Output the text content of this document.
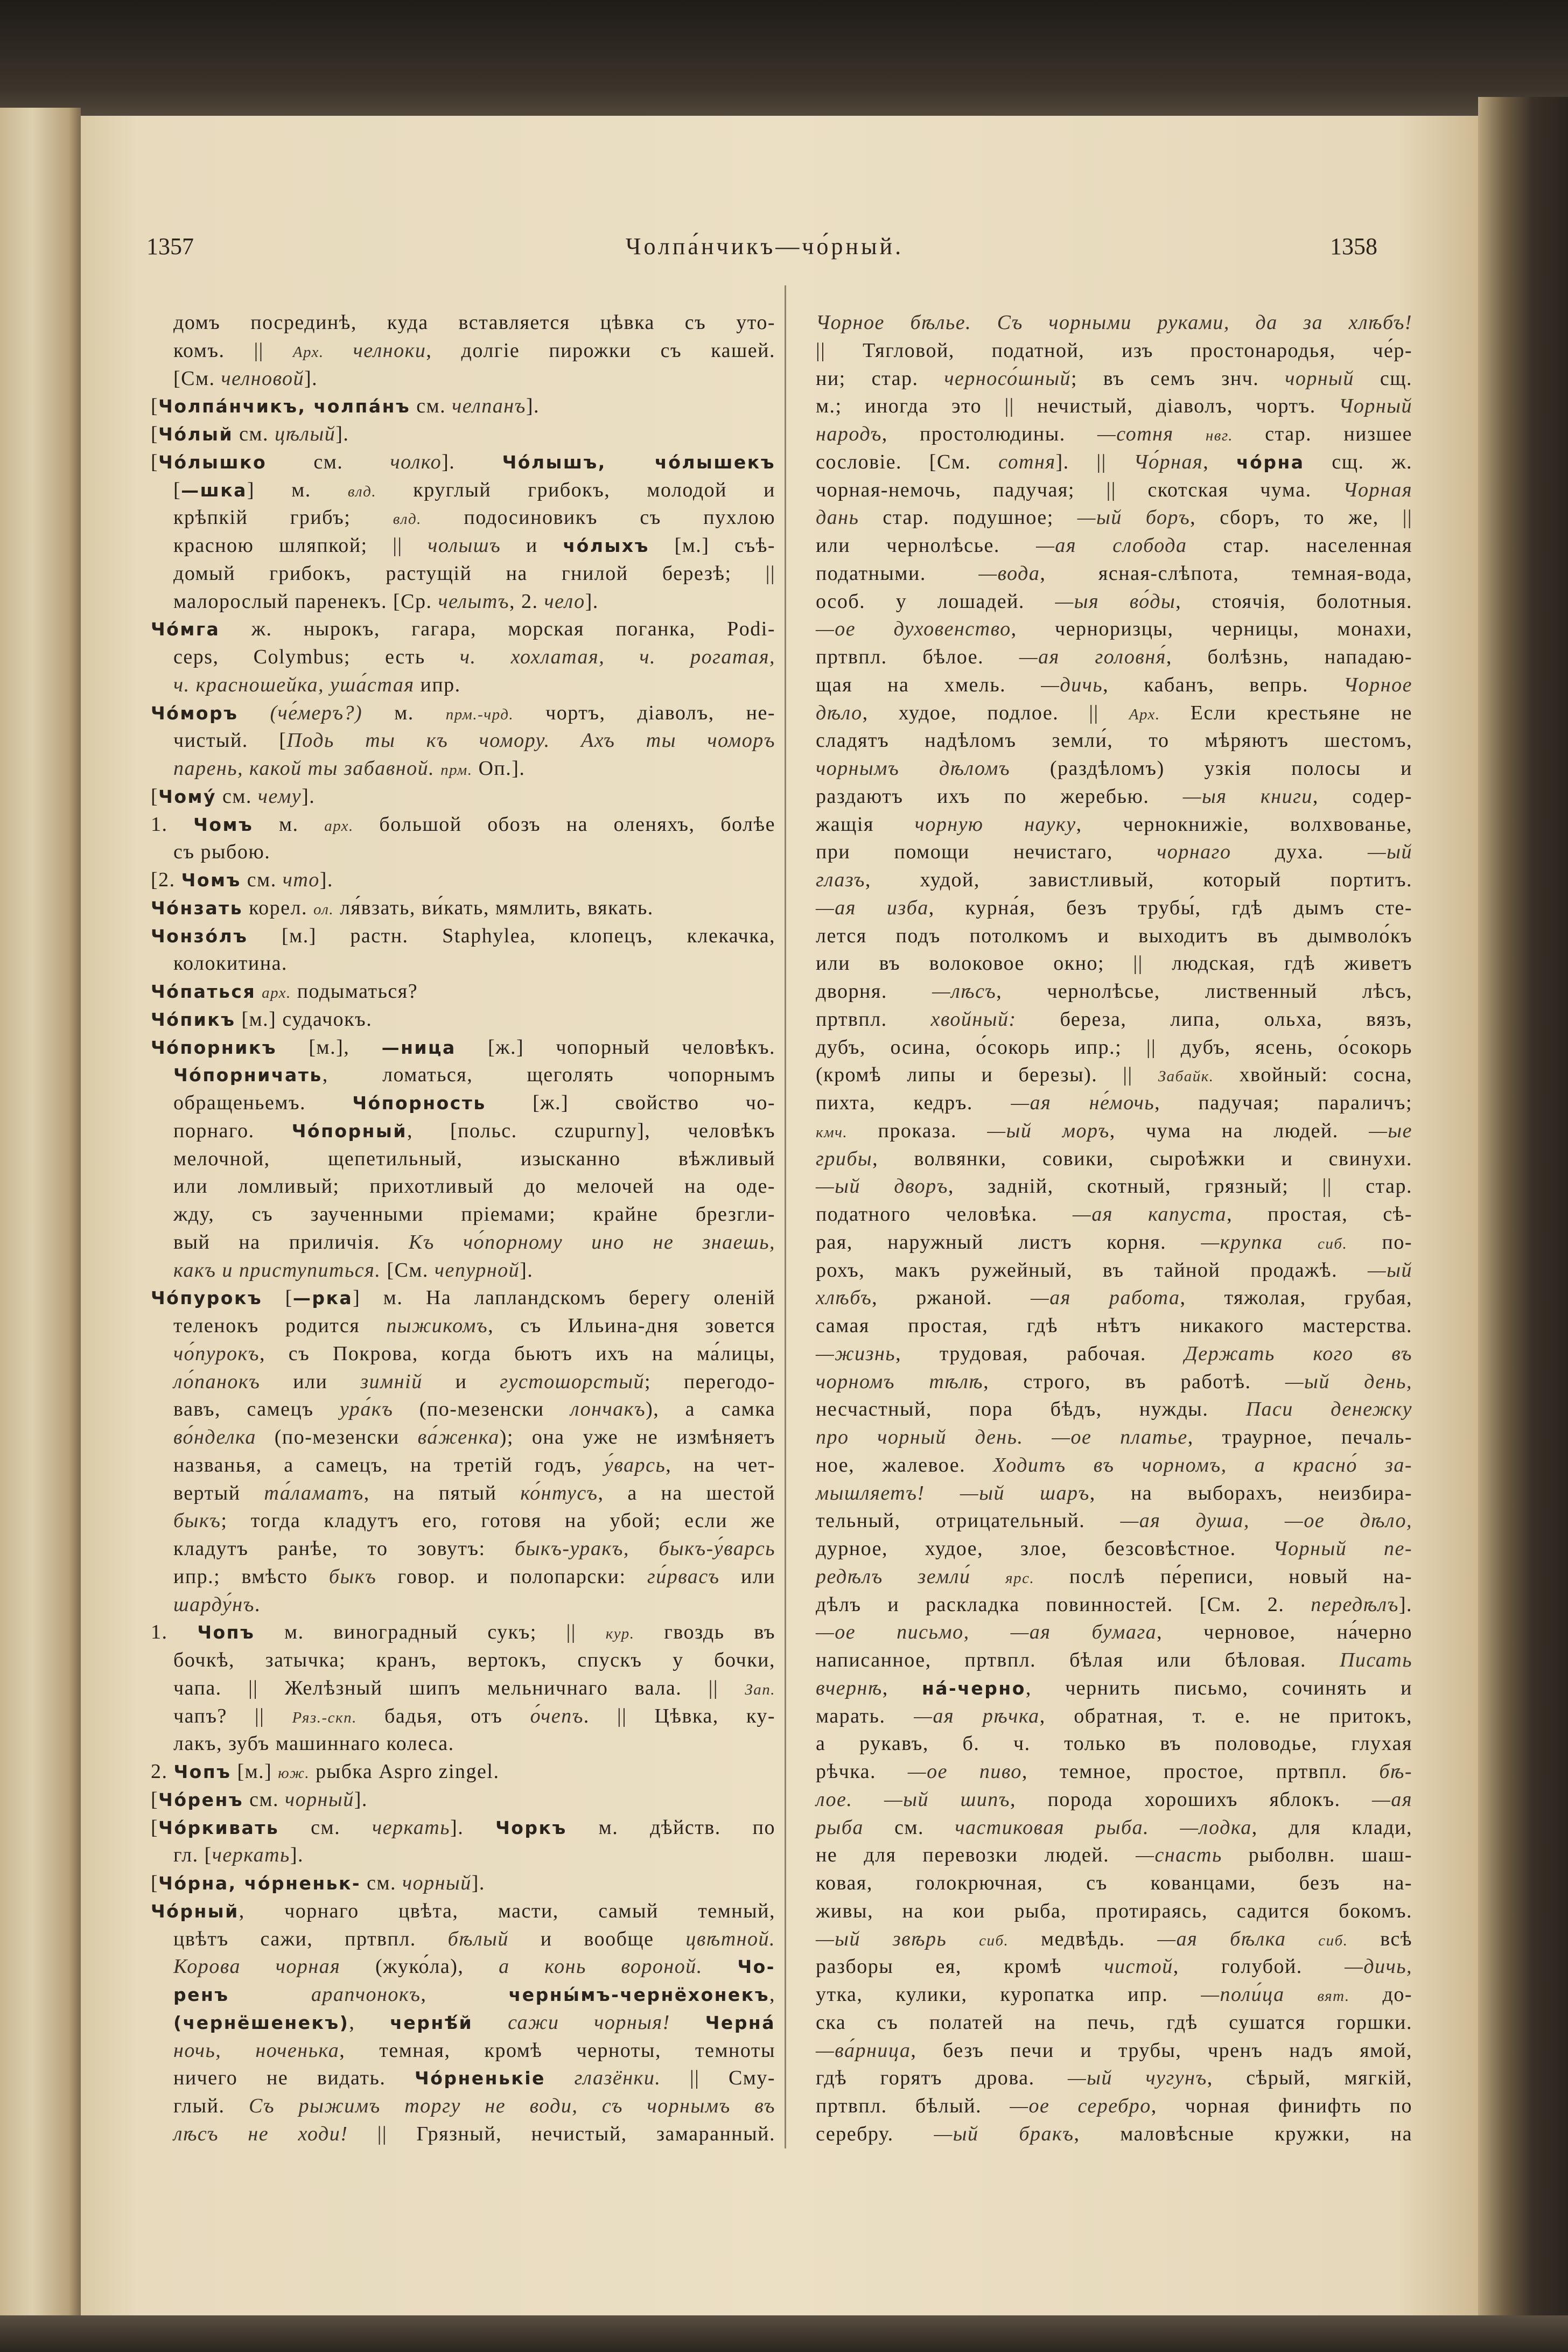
1357	Чолпа́нчикъ—чо́рный.	1358
домъ посрединѣ, куда вставляется цѣвка съ уто-
комъ. || Арх. челноки, долгіе пирожки съ кашей.
[См. челновой].
[Чолпа́нчикъ, чолпа́нъ см. челпанъ].
[Чо́лый см. цѣлый].
[Чо́лышко см. чолко]. Чо́лышъ, чо́лышекъ
[—шка] м. влд. круглый грибокъ, молодой и
крѣпкій грибъ; влд. подосиновикъ съ пухлою
красною шляпкой; || чолышъ и чо́лыхъ [м.] съѣ-
домый грибокъ, растущій на гнилой березѣ; ||
малорослый паренекъ. [Ср. челытъ, 2. чело].
Чо́мга ж. нырокъ, гагара, морская поганка, Podi-
ceps, Colymbus; есть ч. хохлатая, ч. рогатая,
ч. красношейка, уша́стая ипр.
Чо́моръ (че́меръ?) м. прм.-чрд. чортъ, діаволъ, не-
чистый. [Подь ты къ чомору. Ахъ ты чоморъ
парень, какой ты забавной. прм. Оп.].
[Чому́ см. чему].
1. Чомъ м. арх. большой обозъ на оленяхъ, болѣе
съ рыбою.
[2. Чомъ см. что].
Чо́нзать корел. ол. ля́взать, ви́кать, мямлить, вякать.
Чонзо́лъ [м.] растн. Staphylea, клопецъ, клекачка,
колокитина.
Чо́паться арх. подыматься?
Чо́пикъ [м.] судачокъ.
Чо́порникъ [м.], —ница [ж.] чопорный человѣкъ.
Чо́порничать, ломаться, щеголять чопорнымъ
обращеньемъ. Чо́порность [ж.] свойство чо-
порнаго. Чо́порный, [польс. czupurny], человѣкъ
мелочной, щепетильный, изысканно вѣжливый
или ломливый; прихотливый до мелочей на оде-
жду, съ заученными пріемами; крайне брезгли-
вый на приличія. Къ чо́порному ино не знаешь,
какъ и приступиться. [См. чепурной].
Чо́пурокъ [—рка] м. На лапландскомъ берегу оленій
теленокъ родится пыжикомъ, съ Ильина-дня зовется
чо́пурокъ, съ Покрова, когда бьютъ ихъ на ма́лицы,
ло́панокъ или зимній и густошорстый; перегодо-
вавъ, самецъ ура́къ (по-мезенски лончакъ), а самка
во́нделка (по-мезенски ва́женка); она уже не измѣняетъ
названья, а самецъ, на третій годъ, у́варсь, на чет-
вертый та́ламатъ, на пятый ко́нтусъ, а на шестой
быкъ; тогда кладутъ его, готовя на убой; если же
кладутъ ранѣе, то зовутъ: быкъ-уракъ, быкъ-у́варсь
ипр.; вмѣсто быкъ говор. и полопарски: ги́рвасъ или
шарду́нъ.
1. Чопъ м. виноградный сукъ; || кур. гвоздь въ
бочкѣ, затычка; кранъ, вертокъ, спускъ у бочки,
чапа. || Желѣзный шипъ мельничнаго вала. || Зап.
чапъ? || Ряз.-скп. бадья, отъ о́чепъ. || Цѣвка, ку-
лакъ, зубъ машиннаго колеса.
2. Чопъ [м.] юж. рыбка Aspro zingel.
[Чо́ренъ см. чорный].
[Чо́ркивать см. черкать]. Чоркъ м. дѣйств. по
гл. [черкать].
[Чо́рна, чо́рненьк- см. чорный].
Чо́рный, чорнаго цвѣта, масти, самый темный,
цвѣтъ сажи, пртвпл. бѣлый и вообще цвѣтной.
Корова чорная (жуко́ла), а конь вороной. Чо-
ренъ	арапчонокъ, черны́мъ-чернёхонекъ,
(чернёшенекъ), чернѣ́й сажи чорныя! Черна́
ночь, ноченька, темная, кромѣ черноты, темноты
ничего не видать. Чо́рненькіе глазёнки. || Сму-
глый. Съ рыжимъ торгу не води, съ чорнымъ въ
лѣсъ не ходи! || Грязный, нечистый, замаранный.
Чорное бѣлье. Съ чорными руками, да за хлѣбъ!
|| Тягловой, податной, изъ простонародья, че́р-
ни; стар. черносо́шный; въ семъ знч. чорный сщ.
м.; иногда это || нечистый, діаволъ, чортъ. Чорный
народъ, простолюдины. —сотня нвг. стар. низшее
сословіе. [См. сотня]. || Чо́рная, чо́рна сщ. ж.
чорная-немочь, падучая; || скотская чума. Чорная
дань стар. подушное; —ый боръ, сборъ, то же, ||
или чернолѣсье. —ая слобода стар. населенная
податными. —вода, ясная-слѣпота, темная-вода,
особ. у лошадей. —ыя во́ды, стоячія, болотныя.
—ое духовенство, черноризцы, черницы, монахи,
пртвпл. бѣлое. —ая головня́, болѣзнь, нападаю-
щая на хмель. —дичь, кабанъ, вепрь. Чорное
дѣло, худое, подлое. || Арх. Если крестьяне не
сладятъ надѣломъ земли́, то мѣряютъ шестомъ,
чорнымъ дѣломъ (раздѣломъ) узкія полосы и
раздаютъ ихъ по жеребью. —ыя книги, содер-
жащія чорную науку, чернокнижіе, волхвованье,
при помощи нечистаго, чорнаго духа. —ый
глазъ, худой, завистливый, который портитъ.
—ая изба, курна́я, безъ трубы́, гдѣ дымъ сте-
лется подъ потолкомъ и выходитъ въ дымволо́къ
или въ волоковое окно; || людская, гдѣ живетъ
дворня. —лѣсъ, чернолѣсье, лиственный лѣсъ,
пртвпл. хвойный: береза, липа, ольха, вязъ,
дубъ, осина, о́сокорь ипр.; || дубъ, ясень, о́сокорь
(кромѣ липы и березы). || Забайк. хвойный: сосна,
пихта, кедръ. —ая не́мочь, падучая; параличъ;
кмч. проказа. —ый моръ, чума на людей. —ые
грибы, волвянки, совики, сыроѣжки и свинухи.
—ый дворъ, задній, скотный, грязный; || стар.
податного человѣка. —ая капуста, простая, сѣ-
рая, наружный листъ корня. —крупка сиб. по-
рохъ, макъ ружейный, въ тайной продажѣ. —ый
хлѣбъ, ржаной. —ая работа, тяжолая, грубая,
самая простая, гдѣ нѣтъ никакого мастерства.
—жизнь, трудовая, рабочая. Держать кого въ
чорномъ тѣлѣ, строго, въ работѣ. —ый день,
несчастный, пора бѣдъ, нужды. Паси денежку
про чорный день. —ое платье, траурное, печаль-
ное, жалевое. Ходитъ въ чорномъ, а красно́ за-
мышляетъ! —ый шаръ, на выборахъ, неизбира-
тельный, отрицательный. —ая душа, —ое дѣло,
дурное, худое, злое, безсовѣстное. Чорный пе-
редѣлъ земли́ ярс. послѣ пе́реписи, новый на-
дѣлъ и раскладка повинностей. [См. 2. передѣлъ].
—ое письмо, —ая бумага, черновое, на́черно
написанное, пртвпл. бѣлая или бѣловая. Писать
вчернѣ, на́-черно, чернить письмо, сочинять и
марать. —ая рѣчка, обратная, т. е. не притокъ,
а рукавъ, б. ч. только въ половодье, глухая
рѣчка. —ое пиво, темное, простое, пртвпл. бѣ-
лое. —ый шипъ, порода хорошихъ яблокъ. —ая
рыба см. частиковая рыба. —лодка, для клади,
не для перевозки людей. —снасть рыболвн. шаш-
ковая, голокрючная, съ кованцами, безъ на-
живы, на кои рыба, протираясь, садится бокомъ.
—ый звѣрь сиб. медвѣдь. —ая бѣлка сиб. всѣ
разборы ея, кромѣ чистой, голубой. —дичь,
утка, кулики, куропатка ипр. —поли́ца вят. до-
ска съ полатей на печь, гдѣ сушатся горшки.
—ва́рница, безъ печи и трубы, чренъ надъ ямой,
гдѣ горятъ дрова. —ый чугунъ, сѣрый, мягкій,
пртвпл. бѣлый. —ое серебро, чорная финифть по
серебру. —ый бракъ, маловѣсные кружки, на
